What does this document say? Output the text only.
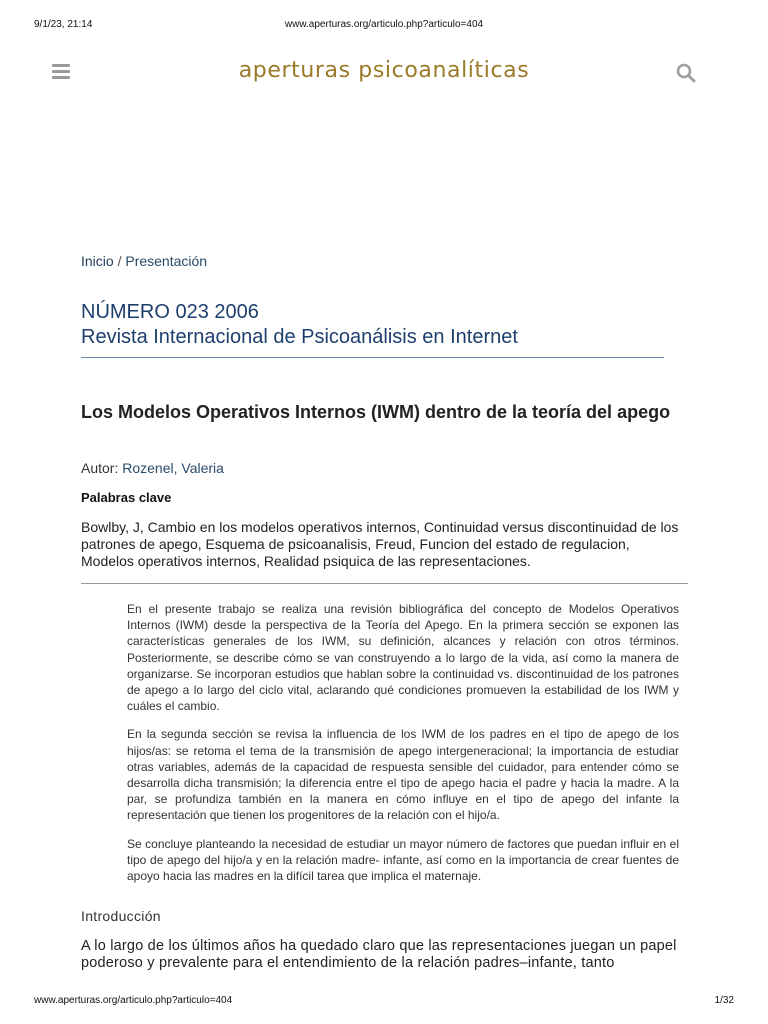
9/1/23, 21:14	www.aperturas.org/articulo.php?articulo=404
aperturas psicoanalíticas
Inicio / Presentación
NÚMERO 023 2006
Revista Internacional de Psicoanálisis en Internet
Los Modelos Operativos Internos (IWM) dentro de la teoría del apego
Autor: Rozenel, Valeria
Palabras clave
Bowlby, J, Cambio en los modelos operativos internos, Continuidad versus discontinuidad de los patrones de apego, Esquema de psicoanalisis, Freud, Funcion del estado de regulacion, Modelos operativos internos, Realidad psiquica de las representaciones.

En el presente trabajo se realiza una revisión bibliográfica del concepto de Modelos Operativos Internos (IWM) desde la perspectiva de la Teoría del Apego. En la primera sección se exponen las características generales de los IWM, su definición, alcances y relación con otros términos. Posteriormente, se describe cómo se van construyendo a lo largo de la vida, así como la manera de organizarse. Se incorporan estudios que hablan sobre la continuidad vs. discontinuidad de los patrones de apego a lo largo del ciclo vital, aclarando qué condiciones promueven la estabilidad de los IWM y cuáles el cambio.

En la segunda sección se revisa la influencia de los IWM de los padres en el tipo de apego de los hijos/as: se retoma el tema de la transmisión de apego intergeneracional; la importancia de estudiar otras variables, además de la capacidad de respuesta sensible del cuidador, para entender cómo se desarrolla dicha transmisión; la diferencia entre el tipo de apego hacia el padre y hacia la madre. A la par, se profundiza también en la manera en cómo influye en el tipo de apego del infante la representación que tienen los progenitores de la relación con el hijo/a.

Se concluye planteando la necesidad de estudiar un mayor número de factores que puedan influir en el tipo de apego del hijo/a y en la relación madre- infante, así como en la importancia de crear fuentes de apoyo hacia las madres en la difícil tarea que implica el maternaje.

Introducción
A lo largo de los últimos años ha quedado claro que las representaciones juegan un papel poderoso y prevalente para el entendimiento de la relación padres–infante, tanto
www.aperturas.org/articulo.php?articulo=404	1/32
